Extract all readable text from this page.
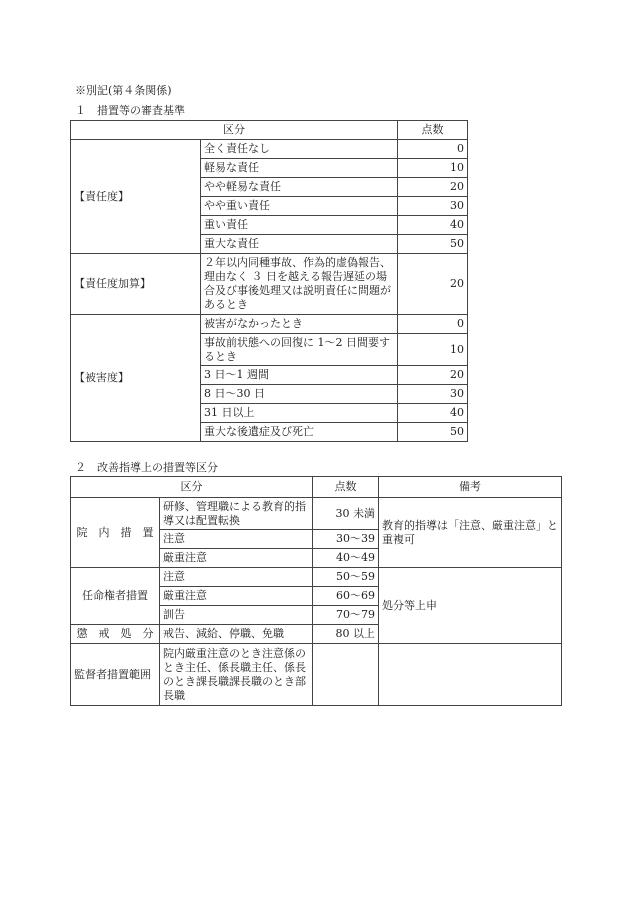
※別記(第４条関係)
１　措置等の審査基準
区分		点数
【責任度】	全く責任なし	0
	軽易な責任	10
	やや軽易な責任	20
	やや重い責任	30
	重い責任	40
	重大な責任	50
【責任度加算】	２年以内同種事故、作為的虚偽報告、理由なく ３ 日を越える報告遅延の場合及び事後処理又は説明責任に問題があるとき	20
【被害度】	被害がなかったとき	0
	事故前状態への回復に 1～2 日間要するとき	10
	3 日～1 週間	20
	8 日～30 日	30
	31 日以上	40
	重大な後遺症及び死亡	50
２　改善指導上の措置等区分
区分		点数	備考
院　内　措　置	研修、管理職による教育的指導又は配置転換	30 未満	教育的指導は「注意、厳重注意」と重複可
	注意	30～39	
	厳重注意	40～49	
任命権者措置	注意	50～59	処分等上申
	厳重注意	60～69	
	訓告	70～79	
懲　戒　処　分	戒告、減給、停職、免職	80 以上	
監督者措置範囲	院内厳重注意のとき注意係のとき主任、係長職主任、係長のとき課長職課長職のとき部長職		
